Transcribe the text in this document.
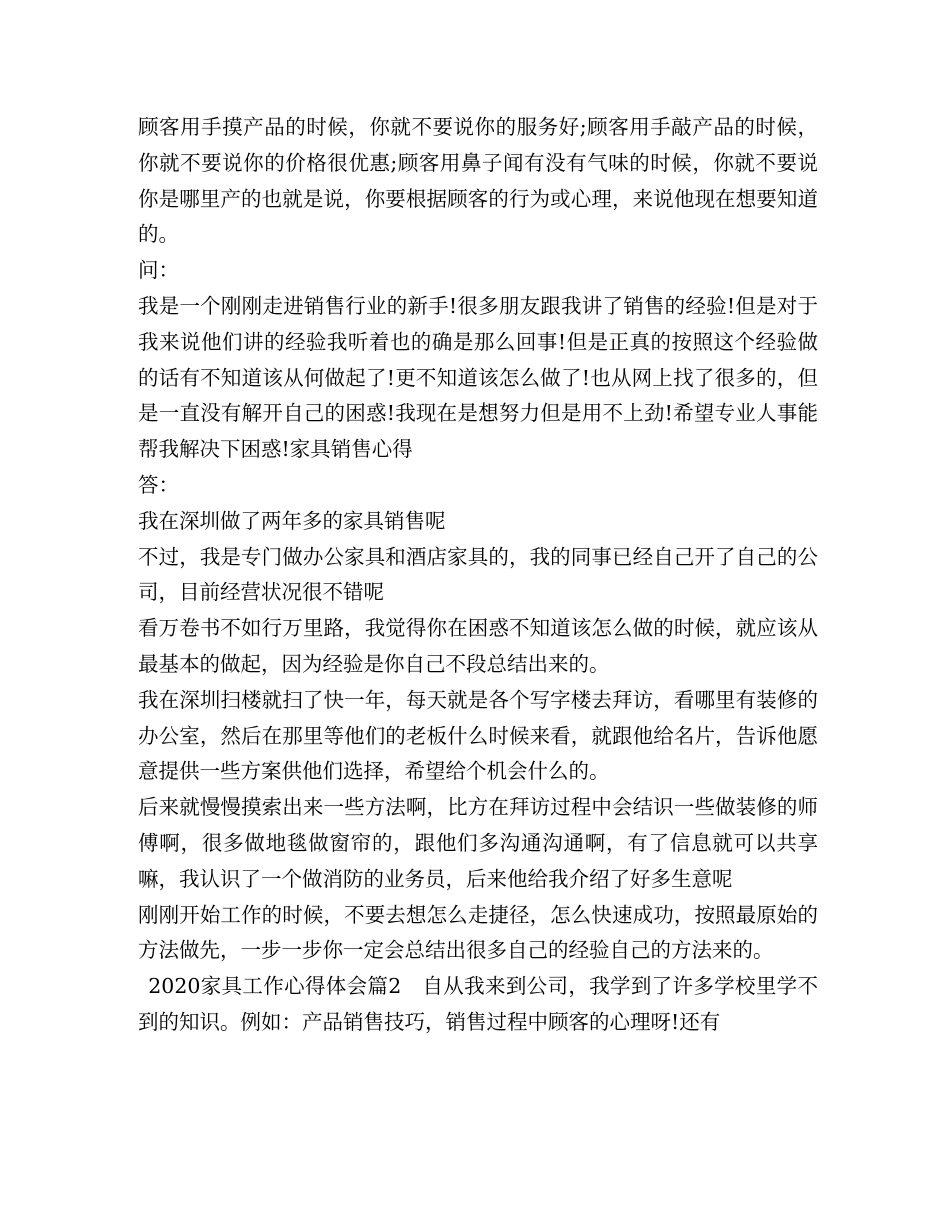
顾客用手摸产品的时候，你就不要说你的服务好;顾客用手敲产品的时候，你就不要说你的价格很优惠;顾客用鼻子闻有没有气味的时候，你就不要说你是哪里产的也就是说，你要根据顾客的行为或心理，来说他现在想要知道的。

问：

我是一个刚刚走进销售行业的新手!很多朋友跟我讲了销售的经验!但是对于我来说他们讲的经验我听着也的确是那么回事!但是正真的按照这个经验做的话有不知道该从何做起了!更不知道该怎么做了!也从网上找了很多的，但是一直没有解开自己的困惑!我现在是想努力但是用不上劲!希望专业人事能帮我解决下困惑!家具销售心得

答：

我在深圳做了两年多的家具销售呢

不过，我是专门做办公家具和酒店家具的，我的同事已经自己开了自己的公司，目前经营状况很不错呢

看万卷书不如行万里路，我觉得你在困惑不知道该怎么做的时候，就应该从最基本的做起，因为经验是你自己不段总结出来的。

我在深圳扫楼就扫了快一年，每天就是各个写字楼去拜访，看哪里有装修的办公室，然后在那里等他们的老板什么时候来看，就跟他给名片，告诉他愿意提供一些方案供他们选择，希望给个机会什么的。

后来就慢慢摸索出来一些方法啊，比方在拜访过程中会结识一些做装修的师傅啊，很多做地毯做窗帘的，跟他们多沟通沟通啊，有了信息就可以共享嘛，我认识了一个做消防的业务员，后来他给我介绍了好多生意呢

刚刚开始工作的时候，不要去想怎么走捷径，怎么快速成功，按照最原始的方法做先，一步一步你一定会总结出很多自己的经验自己的方法来的。

2020家具工作心得体会篇2　自从我来到公司，我学到了许多学校里学不到的知识。例如：产品销售技巧，销售过程中顾客的心理呀!还有
